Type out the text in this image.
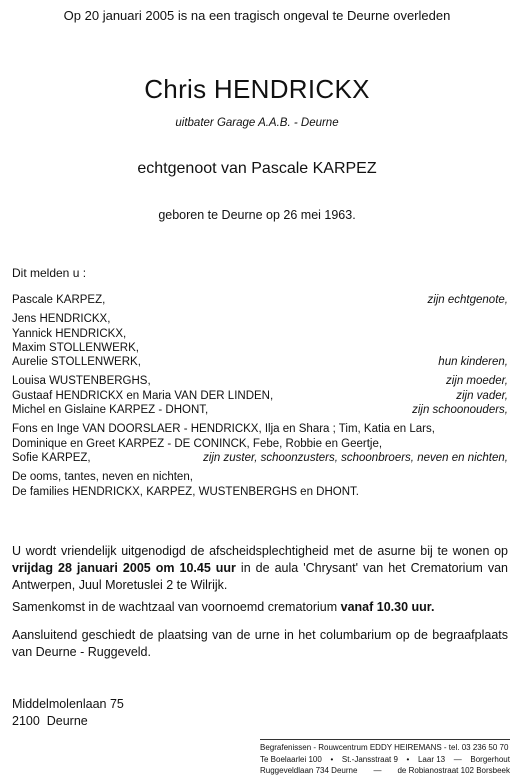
Op 20 januari 2005 is na een tragisch ongeval te Deurne overleden
Chris HENDRICKX
uitbater Garage A.A.B. - Deurne
echtgenoot van Pascale KARPEZ
geboren te Deurne op 26 mei 1963.
Dit melden u :
Pascale KARPEZ,	zijn echtgenote,
Jens HENDRICKX,
Yannick HENDRICKX,
Maxim STOLLENWERK,
Aurelie STOLLENWERK,	hun kinderen,
Louisa WUSTENBERGHS,	zijn moeder,
Gustaaf HENDRICKX en Maria VAN DER LINDEN,	zijn vader,
Michel en Gislaine KARPEZ - DHONT,	zijn schoonouders,
Fons en Inge VAN DOORSLAER - HENDRICKX, Ilja en Shara ; Tim, Katia en Lars,
Dominique en Greet KARPEZ - DE CONINCK, Febe, Robbie en Geertje,
Sofie KARPEZ,	zijn zuster, schoonzusters, schoonbroers, neven en nichten,
De ooms, tantes, neven en nichten,
De families HENDRICKX, KARPEZ, WUSTENBERGHS en DHONT.
U wordt vriendelijk uitgenodigd de afscheidsplechtigheid met de asurne bij te wonen op vrijdag 28 januari 2005 om 10.45 uur in de aula 'Chrysant' van het Crematorium van Antwerpen, Juul Moretuslei 2 te Wilrijk.
Samenkomst in de wachtzaal van voornoemd crematorium vanaf 10.30 uur.
Aansluitend geschiedt de plaatsing van de urne in het columbarium op de begraafplaats van Deurne - Ruggeveld.
Middelmolenlaan 75
2100  Deurne
Begrafenissen - Rouwcentrum EDDY HEIREMANS - tel. 03 236 50 70
Te Boelaarlei 100 • St.-Jansstraat 9 • Laar 13 — Borgerhout
Ruggeveldlaan 734 Deurne — de Robianostraat 102 Borsbeek
